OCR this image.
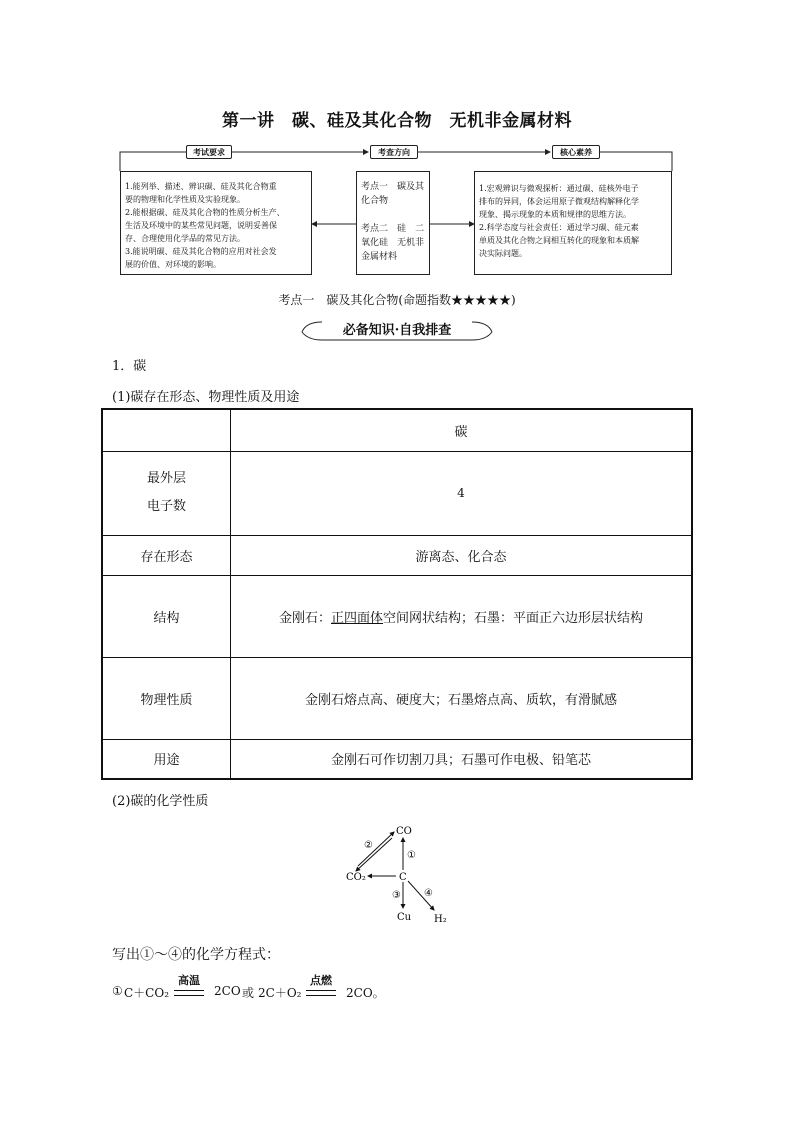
第一讲　碳、硅及其化合物　无机非金属材料
考试要求	考查方向	核心素养
1.能列举、描述、辨识碳、硅及其化合物重
要的物理和化学性质及实验现象。
2.能根据碳、硅及其化合物的性质分析生产、
生活及环境中的某些常见问题，说明妥善保
存、合理使用化学品的常见方法。
3.能说明碳、硅及其化合物的应用对社会发
展的价值、对环境的影响。
考点一　碳及其
化合物
考点二　硅　二
氧化硅　无机非
金属材料
1.宏观辨识与微观探析：通过碳、硅核外电子
排布的异同，体会运用原子微观结构解释化学
现象、揭示现象的本质和规律的思维方法。
2.科学态度与社会责任：通过学习碳、硅元素
单质及其化合物之间相互转化的现象和本质解
决实际问题。
考点一　碳及其化合物(命题指数★★★★★)
必备知识·自我排查
1．碳
(1)碳存在形态、物理性质及用途
	碳

最外层
电子数	4
存在形态	游离态、化合态
结构	金刚石：正四面体空间网状结构；石墨：平面正六边形层状结构
物理性质	金刚石熔点高、硬度大；石墨熔点高、质软，有滑腻感
用途	金刚石可作切割刀具；石墨可作电极、铅笔芯
(2)碳的化学性质
CO
CO₂	C
Cu H₂
①
②
③ ④
写出①～④的化学方程式：
① C＋CO₂
高温
2CO 或 2C＋O₂
点燃
2CO。
